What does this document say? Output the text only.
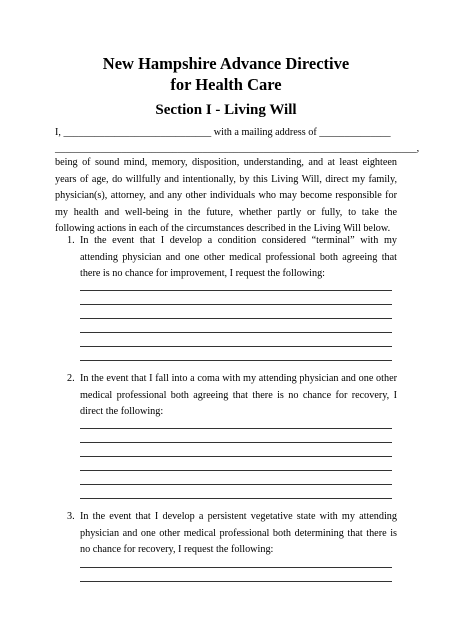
New Hampshire Advance Directive
for Health Care
Section I - Living Will
I, _____________________________ with a mailing address of ______________
_______________________________________________________________________,
being of sound mind, memory, disposition, understanding, and at least eighteen years of age, do willfully and intentionally, by this Living Will, direct my family, physician(s), attorney, and any other individuals who may become responsible for my health and well-being in the future, whether partly or fully, to take the following actions in each of the circumstances described in the Living Will below.
1. In the event that I develop a condition considered “terminal” with my attending physician and one other medical professional both agreeing that there is no chance for improvement, I request the following:
2. In the event that I fall into a coma with my attending physician and one other medical professional both agreeing that there is no chance for recovery, I direct the following:
3. In the event that I develop a persistent vegetative state with my attending physician and one other medical professional both determining that there is no chance for recovery, I request the following:
